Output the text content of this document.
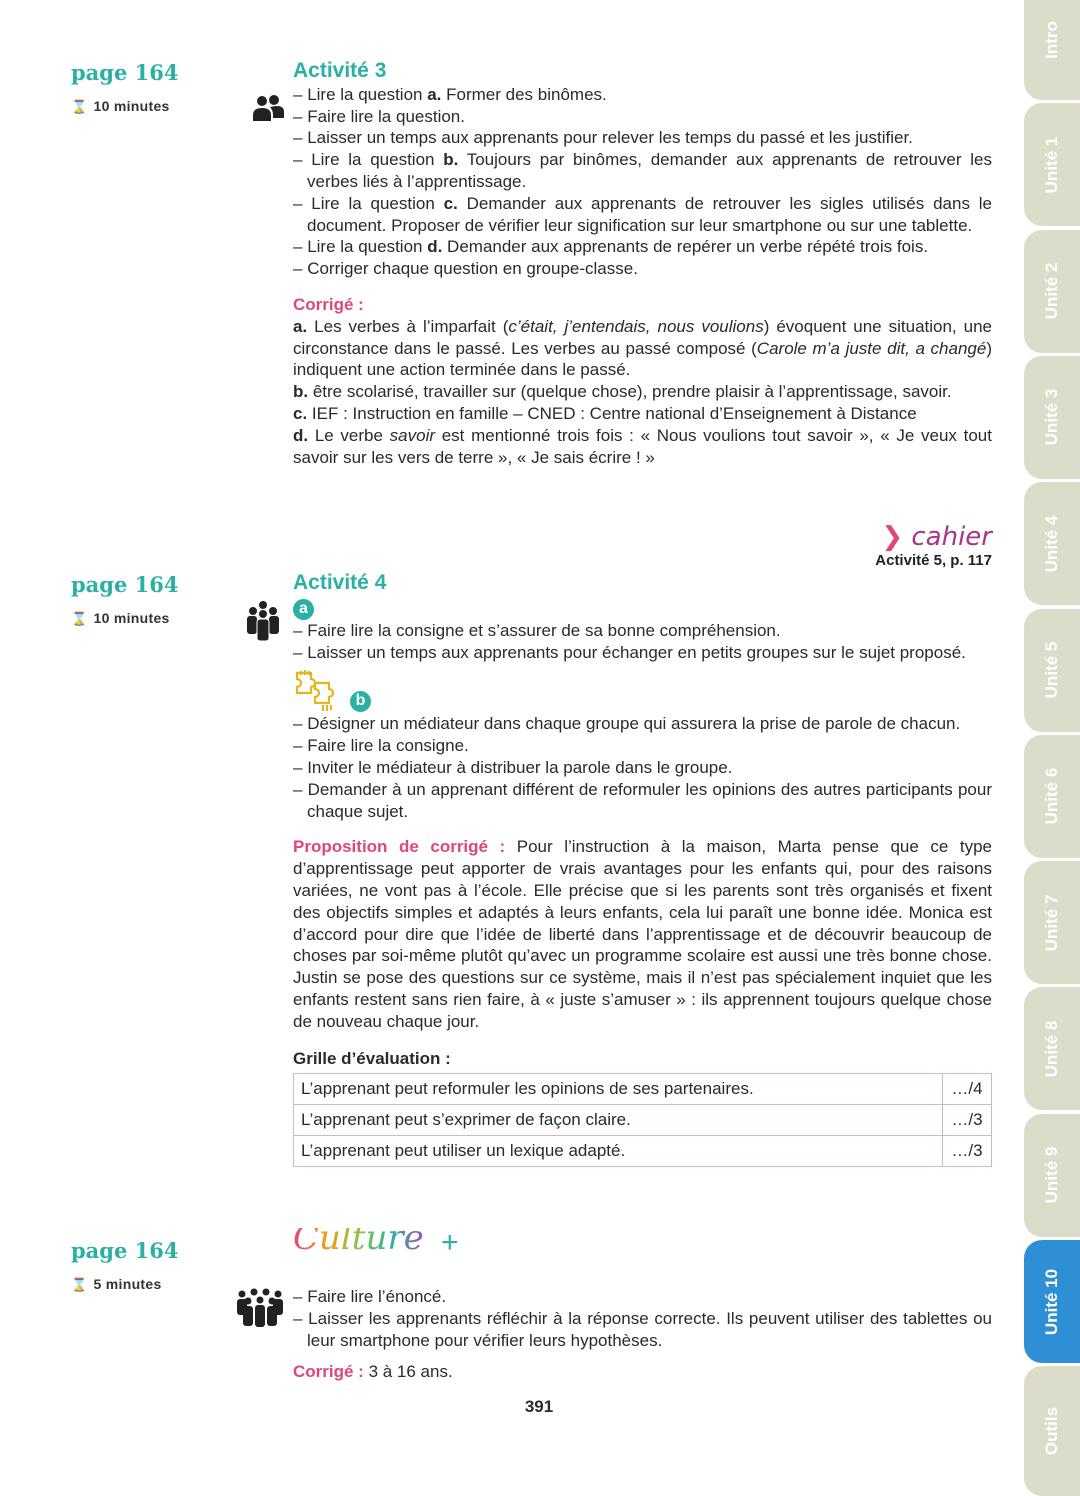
page 164
⌛ 10 minutes
Activité 3
– Lire la question a. Former des binômes.
– Faire lire la question.
– Laisser un temps aux apprenants pour relever les temps du passé et les justifier.
– Lire la question b. Toujours par binômes, demander aux apprenants de retrouver les verbes liés à l’apprentissage.
– Lire la question c. Demander aux apprenants de retrouver les sigles utilisés dans le document. Proposer de vérifier leur signification sur leur smartphone ou sur une tablette.
– Lire la question d. Demander aux apprenants de repérer un verbe répété trois fois.
– Corriger chaque question en groupe-classe.
Corrigé :

a. Les verbes à l’imparfait (c’était, j’entendais, nous voulions) évoquent une situation, une circonstance dans le passé. Les verbes au passé composé (Carole m’a juste dit, a changé) indiquent une action terminée dans le passé.

b. être scolarisé, travailler sur (quelque chose), prendre plaisir à l’apprentissage, savoir.

c. IEF : Instruction en famille – CNED : Centre national d’Enseignement à Distance

d. Le verbe savoir est mentionné trois fois : « Nous voulions tout savoir », « Je veux tout savoir sur les vers de terre », « Je sais écrire ! »

❯ cahier
Activité 5, p. 117
page 164
⌛ 10 minutes
Activité 4
a
– Faire lire la consigne et s’assurer de sa bonne compréhension.
– Laisser un temps aux apprenants pour échanger en petits groupes sur le sujet proposé.
b
– Désigner un médiateur dans chaque groupe qui assurera la prise de parole de chacun.
– Faire lire la consigne.
– Inviter le médiateur à distribuer la parole dans le groupe.
– Demander à un apprenant différent de reformuler les opinions des autres participants pour chaque sujet.

Proposition de corrigé : Pour l’instruction à la maison, Marta pense que ce type d’apprentissage peut apporter de vrais avantages pour les enfants qui, pour des raisons variées, ne vont pas à l’école. Elle précise que si les parents sont très organisés et fixent des objectifs simples et adaptés à leurs enfants, cela lui paraît une bonne idée. Monica est d’accord pour dire que l’idée de liberté dans l’apprentissage et de découvrir beaucoup de choses par soi-même plutôt qu’avec un programme scolaire est aussi une très bonne chose. Justin se pose des questions sur ce système, mais il n’est pas spécialement inquiet que les enfants restent sans rien faire, à « juste s’amuser » : ils apprennent toujours quelque chose de nouveau chaque jour.

Grille d’évaluation :
L’apprenant peut reformuler les opinions de ses partenaires.	…/4
L’apprenant peut s’exprimer de façon claire.	…/3
L’apprenant peut utiliser un lexique adapté.	…/3
page 164
⌛ 5 minutes
Culture +
– Faire lire l’énoncé.
– Laisser les apprenants réfléchir à la réponse correcte. Ils peuvent utiliser des tablettes ou leur smartphone pour vérifier leurs hypothèses.

Corrigé : 3 à 16 ans.

391
Intro
Unité 1
Unité 2
Unité 3
Unité 4
Unité 5
Unité 6
Unité 7
Unité 8
Unité 9
Unité 10
Outils
